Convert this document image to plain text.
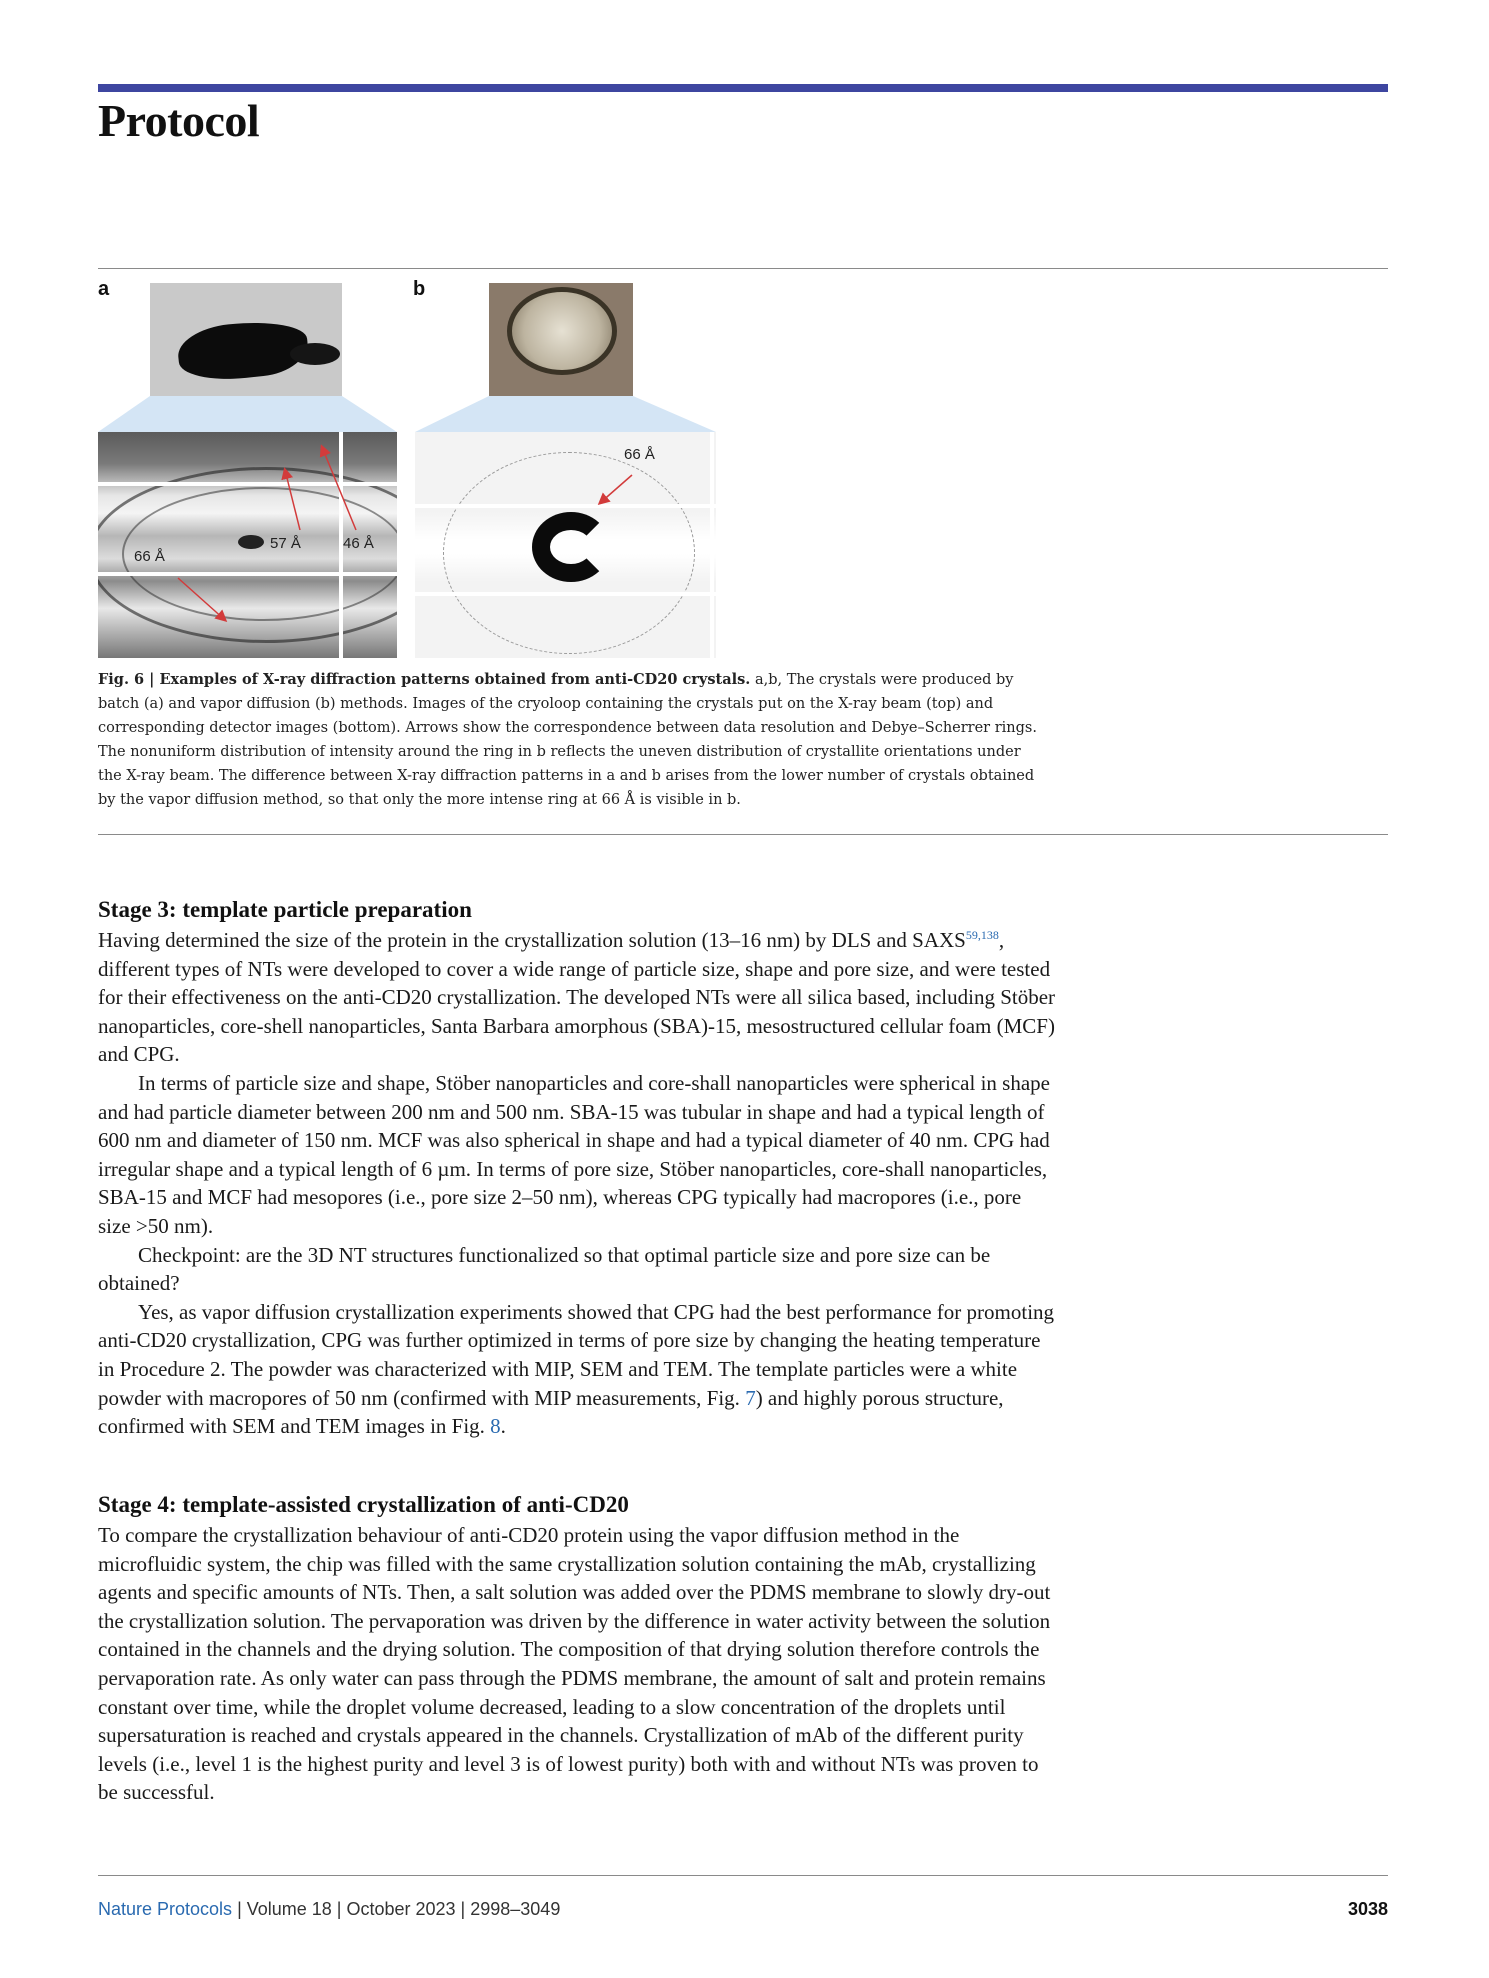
Protocol
a	b
66 Å
57 Å	46 Å
66 Å
Fig. 6 | Examples of X-ray diffraction patterns obtained from anti-CD20 crystals. a,b, The crystals were produced by batch (a) and vapor diffusion (b) methods. Images of the cryoloop containing the crystals put on the X-ray beam (top) and corresponding detector images (bottom). Arrows show the correspondence between data resolution and Debye–Scherrer rings. The nonuniform distribution of intensity around the ring in b reflects the uneven distribution of crystallite orientations under the X-ray beam. The difference between X-ray diffraction patterns in a and b arises from the lower number of crystals obtained by the vapor diffusion method, so that only the more intense ring at 66 Å is visible in b.
Stage 3: template particle preparation

Having determined the size of the protein in the crystallization solution (13–16 nm) by DLS and SAXS$^{59,138}$, different types of NTs were developed to cover a wide range of particle size, shape and pore size, and were tested for their effectiveness on the anti-CD20 crystallization. The developed NTs were all silica based, including Stöber nanoparticles, core-shell nanoparticles, Santa Barbara amorphous (SBA)-15, mesostructured cellular foam (MCF) and CPG.

In terms of particle size and shape, Stöber nanoparticles and core-shall nanoparticles were spherical in shape and had particle diameter between 200 nm and 500 nm. SBA-15 was tubular in shape and had a typical length of 600 nm and diameter of 150 nm. MCF was also spherical in shape and had a typical diameter of 40 nm. CPG had irregular shape and a typical length of 6 µm. In terms of pore size, Stöber nanoparticles, core-shall nanoparticles, SBA-15 and MCF had mesopores (i.e., pore size 2–50 nm), whereas CPG typically had macropores (i.e., pore size >50 nm).

Checkpoint: are the 3D NT structures functionalized so that optimal particle size and pore size can be obtained?

Yes, as vapor diffusion crystallization experiments showed that CPG had the best performance for promoting anti-CD20 crystallization, CPG was further optimized in terms of pore size by changing the heating temperature in Procedure 2. The powder was characterized with MIP, SEM and TEM. The template particles were a white powder with macropores of 50 nm (confirmed with MIP measurements, Fig. 7) and highly porous structure, confirmed with SEM and TEM images in Fig. 8.

Stage 4: template-assisted crystallization of anti-CD20

To compare the crystallization behaviour of anti-CD20 protein using the vapor diffusion method in the microfluidic system, the chip was filled with the same crystallization solution containing the mAb, crystallizing agents and specific amounts of NTs. Then, a salt solution was added over the PDMS membrane to slowly dry-out the crystallization solution. The pervaporation was driven by the difference in water activity between the solution contained in the channels and the drying solution. The composition of that drying solution therefore controls the pervaporation rate. As only water can pass through the PDMS membrane, the amount of salt and protein remains constant over time, while the droplet volume decreased, leading to a slow concentration of the droplets until supersaturation is reached and crystals appeared in the channels. Crystallization of mAb of the different purity levels (i.e., level 1 is the highest purity and level 3 is of lowest purity) both with and without NTs was proven to be successful.

Nature Protocols | Volume 18 | October 2023 | 2998–3049	3038
